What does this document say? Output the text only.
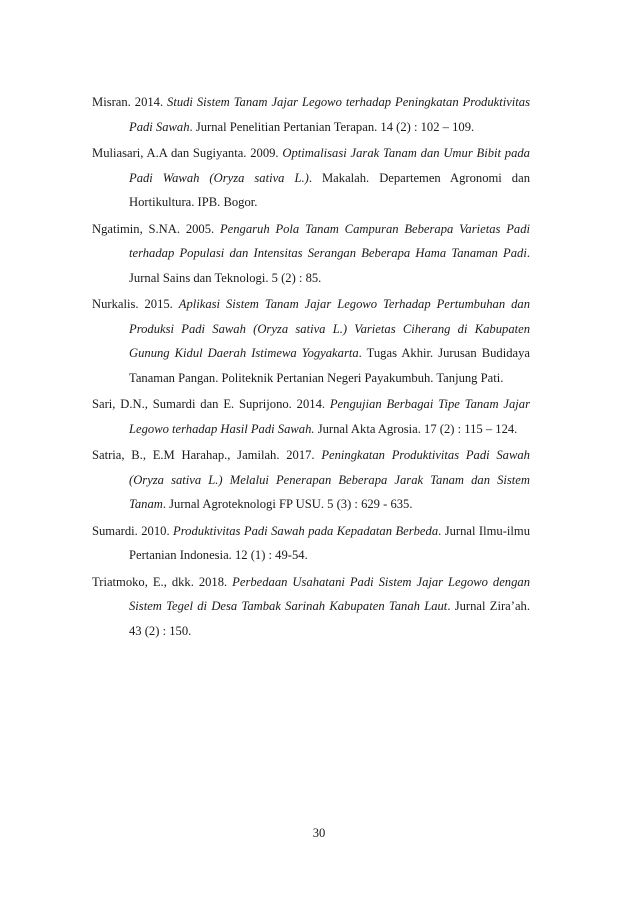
Misran. 2014. Studi Sistem Tanam Jajar Legowo terhadap Peningkatan Produktivitas Padi Sawah. Jurnal Penelitian Pertanian Terapan. 14 (2) : 102 – 109.

Muliasari, A.A dan Sugiyanta. 2009. Optimalisasi Jarak Tanam dan Umur Bibit pada Padi Wawah (Oryza sativa L.). Makalah. Departemen Agronomi dan Hortikultura. IPB. Bogor.

Ngatimin, S.NA. 2005. Pengaruh Pola Tanam Campuran Beberapa Varietas Padi terhadap Populasi dan Intensitas Serangan Beberapa Hama Tanaman Padi. Jurnal Sains dan Teknologi. 5 (2) : 85.

Nurkalis. 2015. Aplikasi Sistem Tanam Jajar Legowo Terhadap Pertumbuhan dan Produksi Padi Sawah (Oryza sativa L.) Varietas Ciherang di Kabupaten Gunung Kidul Daerah Istimewa Yogyakarta. Tugas Akhir. Jurusan Budidaya Tanaman Pangan. Politeknik Pertanian Negeri Payakumbuh. Tanjung Pati.

Sari, D.N., Sumardi dan E. Suprijono. 2014. Pengujian Berbagai Tipe Tanam Jajar Legowo terhadap Hasil Padi Sawah. Jurnal Akta Agrosia. 17 (2) : 115 – 124.

Satria, B., E.M Harahap., Jamilah. 2017. Peningkatan Produktivitas Padi Sawah (Oryza sativa L.) Melalui Penerapan Beberapa Jarak Tanam dan Sistem Tanam. Jurnal Agroteknologi FP USU. 5 (3) : 629 - 635.

Sumardi. 2010. Produktivitas Padi Sawah pada Kepadatan Berbeda. Jurnal Ilmu-ilmu Pertanian Indonesia. 12 (1) : 49-54.

Triatmoko, E., dkk. 2018. Perbedaan Usahatani Padi Sistem Jajar Legowo dengan Sistem Tegel di Desa Tambak Sarinah Kabupaten Tanah Laut. Jurnal Zira’ah. 43 (2) : 150.

30
